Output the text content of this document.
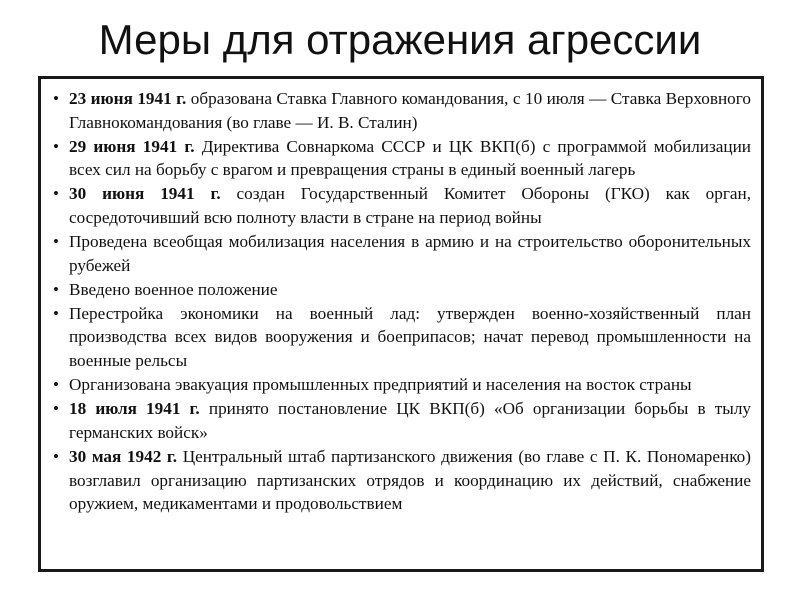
Меры для отражения агрессии
• 23 июня 1941 г. образована Ставка Главного командования, с 10 июля — Ставка Верховного Главнокомандования (во главе — И. В. Сталин)
• 29 июня 1941 г. Директива Совнаркома СССР и ЦК ВКП(б) с программой мобилизации всех сил на борьбу с врагом и превращения страны в единый военный лагерь
• 30 июня 1941 г. создан Государственный Комитет Обороны (ГКО) как орган, сосредоточивший всю полноту власти в стране на период войны
• Проведена всеобщая мобилизация населения в армию и на строительство оборонительных рубежей
• Введено военное положение
• Перестройка экономики на военный лад: утвержден военно-хозяйственный план производства всех видов вооружения и боеприпасов; начат перевод промышленности на военные рельсы
• Организована эвакуация промышленных предприятий и населения на восток страны
• 18 июля 1941 г. принято постановление ЦК ВКП(б) «Об организации борьбы в тылу германских войск»
• 30 мая 1942 г. Центральный штаб партизанского движения (во главе с П. К. Пономаренко) возглавил организацию партизанских отрядов и координацию их действий, снабжение оружием, медикаментами и продовольствием
